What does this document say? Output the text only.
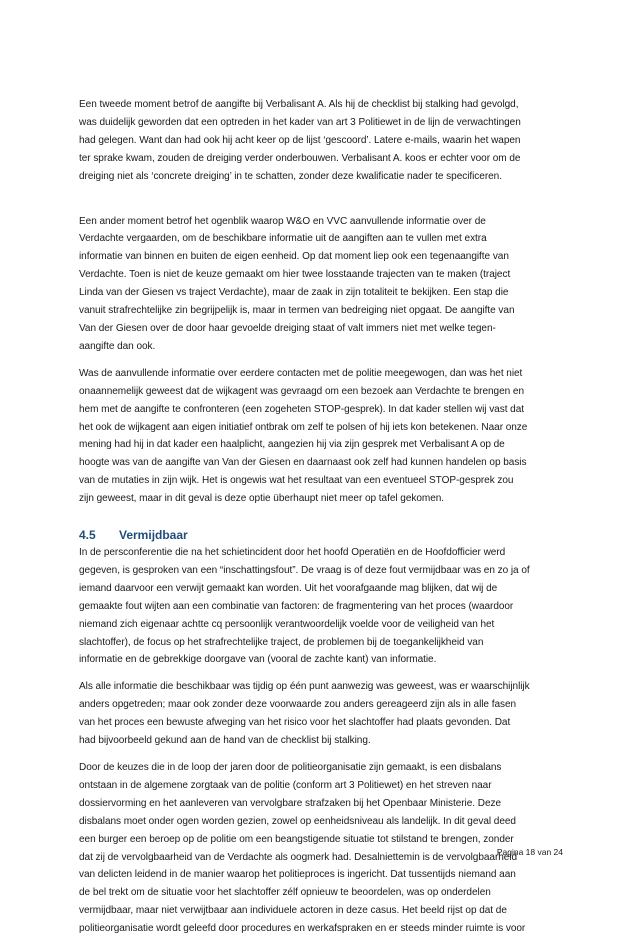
Een tweede moment betrof de aangifte bij Verbalisant A. Als hij de checklist bij stalking had gevolgd,
was duidelijk geworden dat een optreden in het kader van art 3 Politiewet in de lijn de verwachtingen
had gelegen. Want dan had ook hij acht keer op de lijst ‘gescoord’. Latere e-mails, waarin het wapen
ter sprake kwam, zouden de dreiging verder onderbouwen. Verbalisant A. koos er echter voor om de
dreiging niet als ‘concrete dreiging’ in te schatten, zonder deze kwalificatie nader te specificeren.

Een ander moment betrof het ogenblik waarop W&O en VVC aanvullende informatie over de
Verdachte vergaarden, om de beschikbare informatie uit de aangiften aan te vullen met extra
informatie van binnen en buiten de eigen eenheid. Op dat moment liep ook een tegenaangifte van
Verdachte. Toen is niet de keuze gemaakt om hier twee losstaande trajecten van te maken (traject
Linda van der Giesen vs traject Verdachte), maar de zaak in zijn totaliteit te bekijken. Een stap die
vanuit strafrechtelijke zin begrijpelijk is, maar in termen van bedreiging niet opgaat. De aangifte van
Van der Giesen over de door haar gevoelde dreiging staat of valt immers niet met welke tegen-
aangifte dan ook.

Was de aanvullende informatie over eerdere contacten met de politie meegewogen, dan was het niet
onaannemelijk geweest dat de wijkagent was gevraagd om een bezoek aan Verdachte te brengen en
hem met de aangifte te confronteren (een zogeheten STOP-gesprek). In dat kader stellen wij vast dat
het ook de wijkagent aan eigen initiatief ontbrak om zelf te polsen of hij iets kon betekenen. Naar onze
mening had hij in dat kader een haalplicht, aangezien hij via zijn gesprek met Verbalisant A op de
hoogte was van de aangifte van Van der Giesen en daarnaast ook zelf had kunnen handelen op basis
van de mutaties in zijn wijk. Het is ongewis wat het resultaat van een eventueel STOP-gesprek zou
zijn geweest, maar in dit geval is deze optie überhaupt niet meer op tafel gekomen.

4.5	Vermijdbaar

In de persconferentie die na het schietincident door het hoofd Operatiën en de Hoofdofficier werd
gegeven, is gesproken van een “inschattingsfout”. De vraag is of deze fout vermijdbaar was en zo ja of
iemand daarvoor een verwijt gemaakt kan worden. Uit het voorafgaande mag blijken, dat wij de
gemaakte fout wijten aan een combinatie van factoren: de fragmentering van het proces (waardoor
niemand zich eigenaar achtte cq persoonlijk verantwoordelijk voelde voor de veiligheid van het
slachtoffer), de focus op het strafrechtelijke traject, de problemen bij de toegankelijkheid van
informatie en de gebrekkige doorgave van (vooral de zachte kant) van informatie.

Als alle informatie die beschikbaar was tijdig op één punt aanwezig was geweest, was er waarschijnlijk
anders opgetreden; maar ook zonder deze voorwaarde zou anders gereageerd zijn als in alle fasen
van het proces een bewuste afweging van het risico voor het slachtoffer had plaats gevonden. Dat
had bijvoorbeeld gekund aan de hand van de checklist bij stalking.

Door de keuzes die in de loop der jaren door de politieorganisatie zijn gemaakt, is een disbalans
ontstaan in de algemene zorgtaak van de politie (conform art 3 Politiewet) en het streven naar
dossiervorming en het aanleveren van vervolgbare strafzaken bij het Openbaar Ministerie. Deze
disbalans moet onder ogen worden gezien, zowel op eenheidsniveau als landelijk. In dit geval deed
een burger een beroep op de politie om een beangstigende situatie tot stilstand te brengen, zonder
dat zij de vervolgbaarheid van de Verdachte als oogmerk had. Desalniettemin is de vervolgbaarheid
van delicten leidend in de manier waarop het politieproces is ingericht. Dat tussentijds niemand aan
de bel trekt om de situatie voor het slachtoffer zélf opnieuw te beoordelen, was op onderdelen
vermijdbaar, maar niet verwijtbaar aan individuele actoren in deze casus. Het beeld rijst op dat de
politieorganisatie wordt geleefd door procedures en werkafspraken en er steeds minder ruimte is voor

Pagina 18 van 24
